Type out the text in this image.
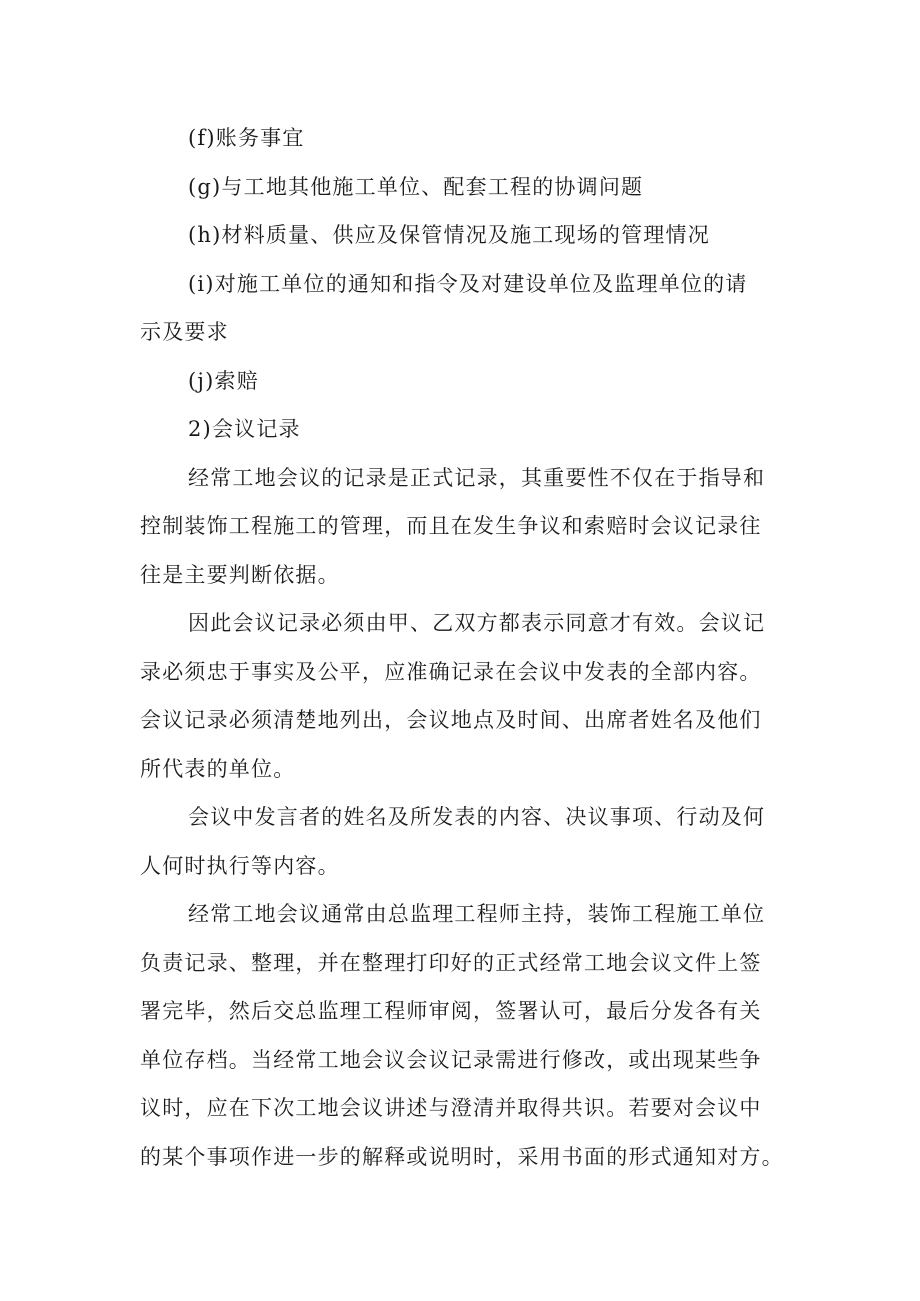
(f)账务事宜
(g)与工地其他施工单位、配套工程的协调问题
(h)材料质量、供应及保管情况及施工现场的管理情况
(i)对施工单位的通知和指令及对建设单位及监理单位的请
示及要求
(j)索赔
2)会议记录
经常工地会议的记录是正式记录，其重要性不仅在于指导和
控制装饰工程施工的管理，而且在发生争议和索赔时会议记录往
往是主要判断依据。
因此会议记录必须由甲、乙双方都表示同意才有效。会议记
录必须忠于事实及公平，应准确记录在会议中发表的全部内容。
会议记录必须清楚地列出，会议地点及时间、出席者姓名及他们
所代表的单位。
会议中发言者的姓名及所发表的内容、决议事项、行动及何
人何时执行等内容。
经常工地会议通常由总监理工程师主持，装饰工程施工单位
负责记录、整理，并在整理打印好的正式经常工地会议文件上签
署完毕，然后交总监理工程师审阅，签署认可，最后分发各有关
单位存档。当经常工地会议会议记录需进行修改，或出现某些争
议时，应在下次工地会议讲述与澄清并取得共识。若要对会议中
的某个事项作进一步的解释或说明时，采用书面的形式通知对方。
